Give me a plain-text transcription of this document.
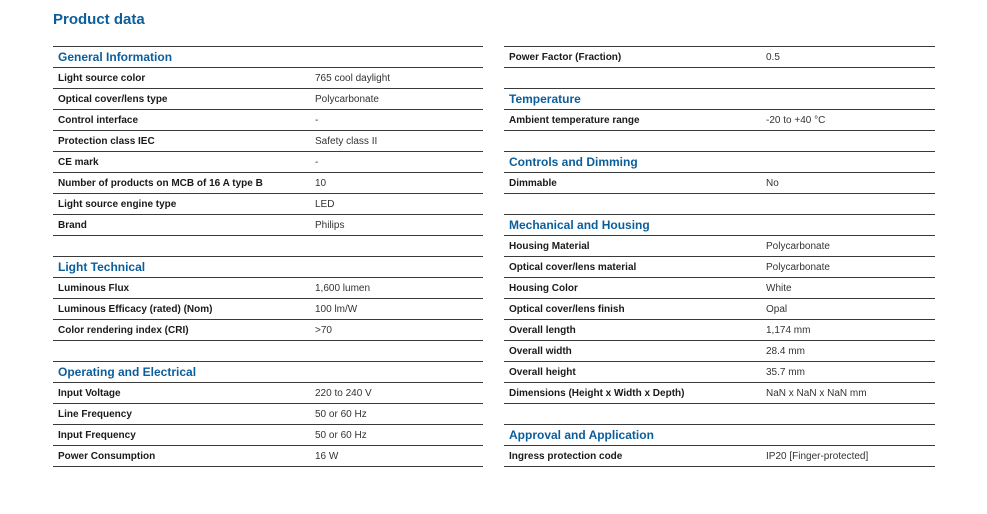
Product data
General Information
Light source color	765 cool daylight
Optical cover/lens type	Polycarbonate
Control interface	-
Protection class IEC	Safety class II
CE mark	-
Number of products on MCB of 16 A type B	10
Light source engine type	LED
Brand	Philips
Light Technical
Luminous Flux	1,600 lumen
Luminous Efficacy (rated) (Nom)	100 lm/W
Color rendering index (CRI)	>70
Operating and Electrical
Input Voltage	220 to 240 V
Line Frequency	50 or 60 Hz
Input Frequency	50 or 60 Hz
Power Consumption	16 W
Power Factor (Fraction)	0.5
Temperature
Ambient temperature range	-20 to +40 °C
Controls and Dimming
Dimmable	No
Mechanical and Housing
Housing Material	Polycarbonate
Optical cover/lens material	Polycarbonate
Housing Color	White
Optical cover/lens finish	Opal
Overall length	1,174 mm
Overall width	28.4 mm
Overall height	35.7 mm
Dimensions (Height x Width x Depth)	NaN x NaN x NaN mm
Approval and Application
Ingress protection code	IP20 [Finger-protected]
